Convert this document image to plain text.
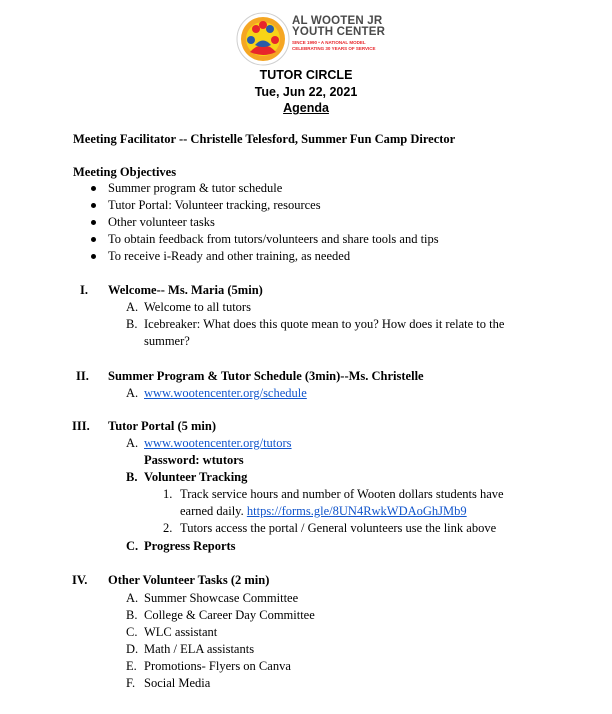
AL WOOTEN JR
YOUTH CENTER
SINCE 1990 • A NATIONAL MODEL
CELEBRATING 30 YEARS OF SERVICE
TUTOR CIRCLE
Tue, Jun 22, 2021
Agenda
Meeting Facilitator -- Christelle Telesford, Summer Fun Camp Director
Meeting Objectives
Summer program & tutor schedule
Tutor Portal: Volunteer tracking, resources
Other volunteer tasks
To obtain feedback from tutors/volunteers and share tools and tips
To receive i-Ready and other training, as needed
I. Welcome-- Ms. Maria (5min)
A. Welcome to all tutors
B. Icebreaker: What does this quote mean to you? How does it relate to the
summer?
II. Summer Program & Tutor Schedule (3min)--Ms. Christelle
A. www.wootencenter.org/schedule
III. Tutor Portal (5 min)
A. www.wootencenter.org/tutors
Password: wtutors
B. Volunteer Tracking
1. Track service hours and number of Wooten dollars students have
earned daily. https://forms.gle/8UN4RwkWDAoGhJMb9
2. Tutors access the portal / General volunteers use the link above
C. Progress Reports
IV. Other Volunteer Tasks (2 min)
A. Summer Showcase Committee
B. College & Career Day Committee
C. WLC assistant
D. Math / ELA assistants
E. Promotions- Flyers on Canva
F. Social Media
